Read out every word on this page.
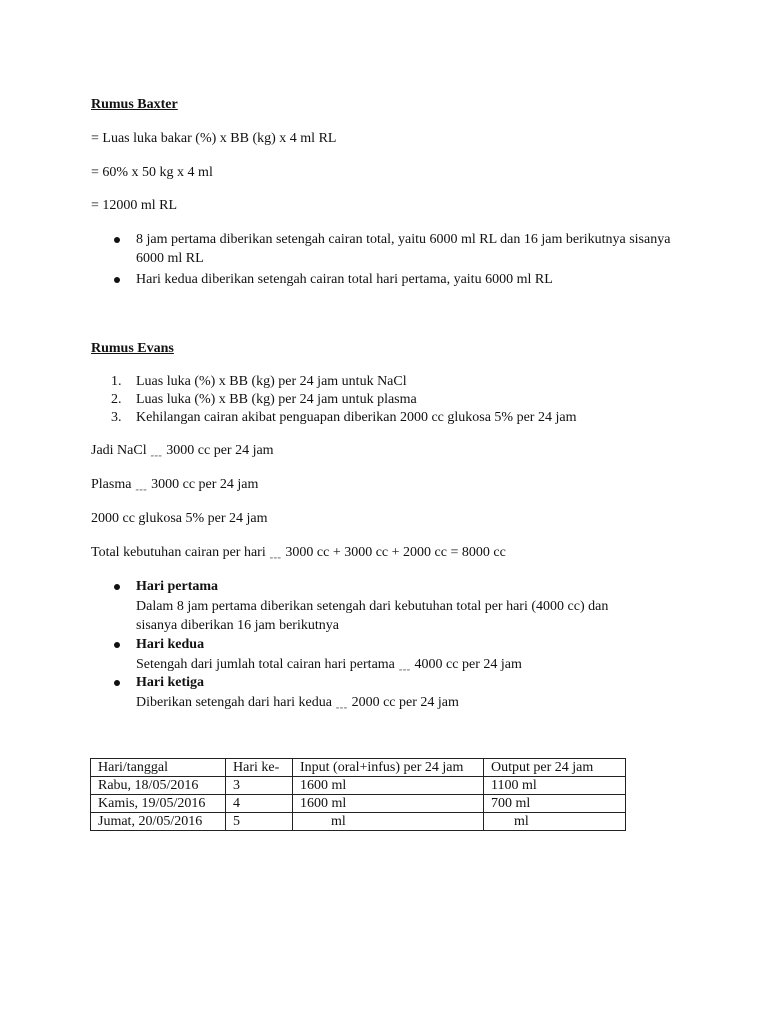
Rumus Baxter
= Luas luka bakar (%) x BB (kg) x 4 ml RL
= 60% x 50 kg x 4 ml
= 12000 ml RL
8 jam pertama diberikan setengah cairan total, yaitu 6000 ml RL dan 16 jam berikutnya sisanya 6000 ml RL
Hari kedua diberikan setengah cairan total hari pertama, yaitu 6000 ml RL
Rumus Evans
1.	Luas luka (%) x BB (kg) per 24 jam untuk NaCl
2.	Luas luka (%) x BB (kg) per 24 jam untuk plasma
3.	Kehilangan cairan akibat penguapan diberikan 2000 cc glukosa 5% per 24 jam
Jadi NaCl $_{===}$ 3000 cc per 24 jam
Plasma $_{===}$ 3000 cc per 24 jam
2000 cc glukosa 5% per 24 jam
Total kebutuhan cairan per hari $_{===}$ 3000 cc + 3000 cc + 2000 cc = 8000 cc
Hari pertama
Dalam 8 jam pertama diberikan setengah dari kebutuhan total per hari (4000 cc) dan
sisanya diberikan 16 jam berikutnya
Hari kedua
Setengah dari jumlah total cairan hari pertama $_{===}$ 4000 cc per 24 jam
Hari ketiga
Diberikan setengah dari hari kedua $_{===}$ 2000 cc per 24 jam
Hari/tanggal	Hari ke-	Input (oral+infus) per 24 jam	Output per 24 jam
Rabu, 18/05/2016	3	1600 ml	1100 ml
Kamis, 19/05/2016	4	1600 ml	700 ml
Jumat, 20/05/2016	5	ml	ml
